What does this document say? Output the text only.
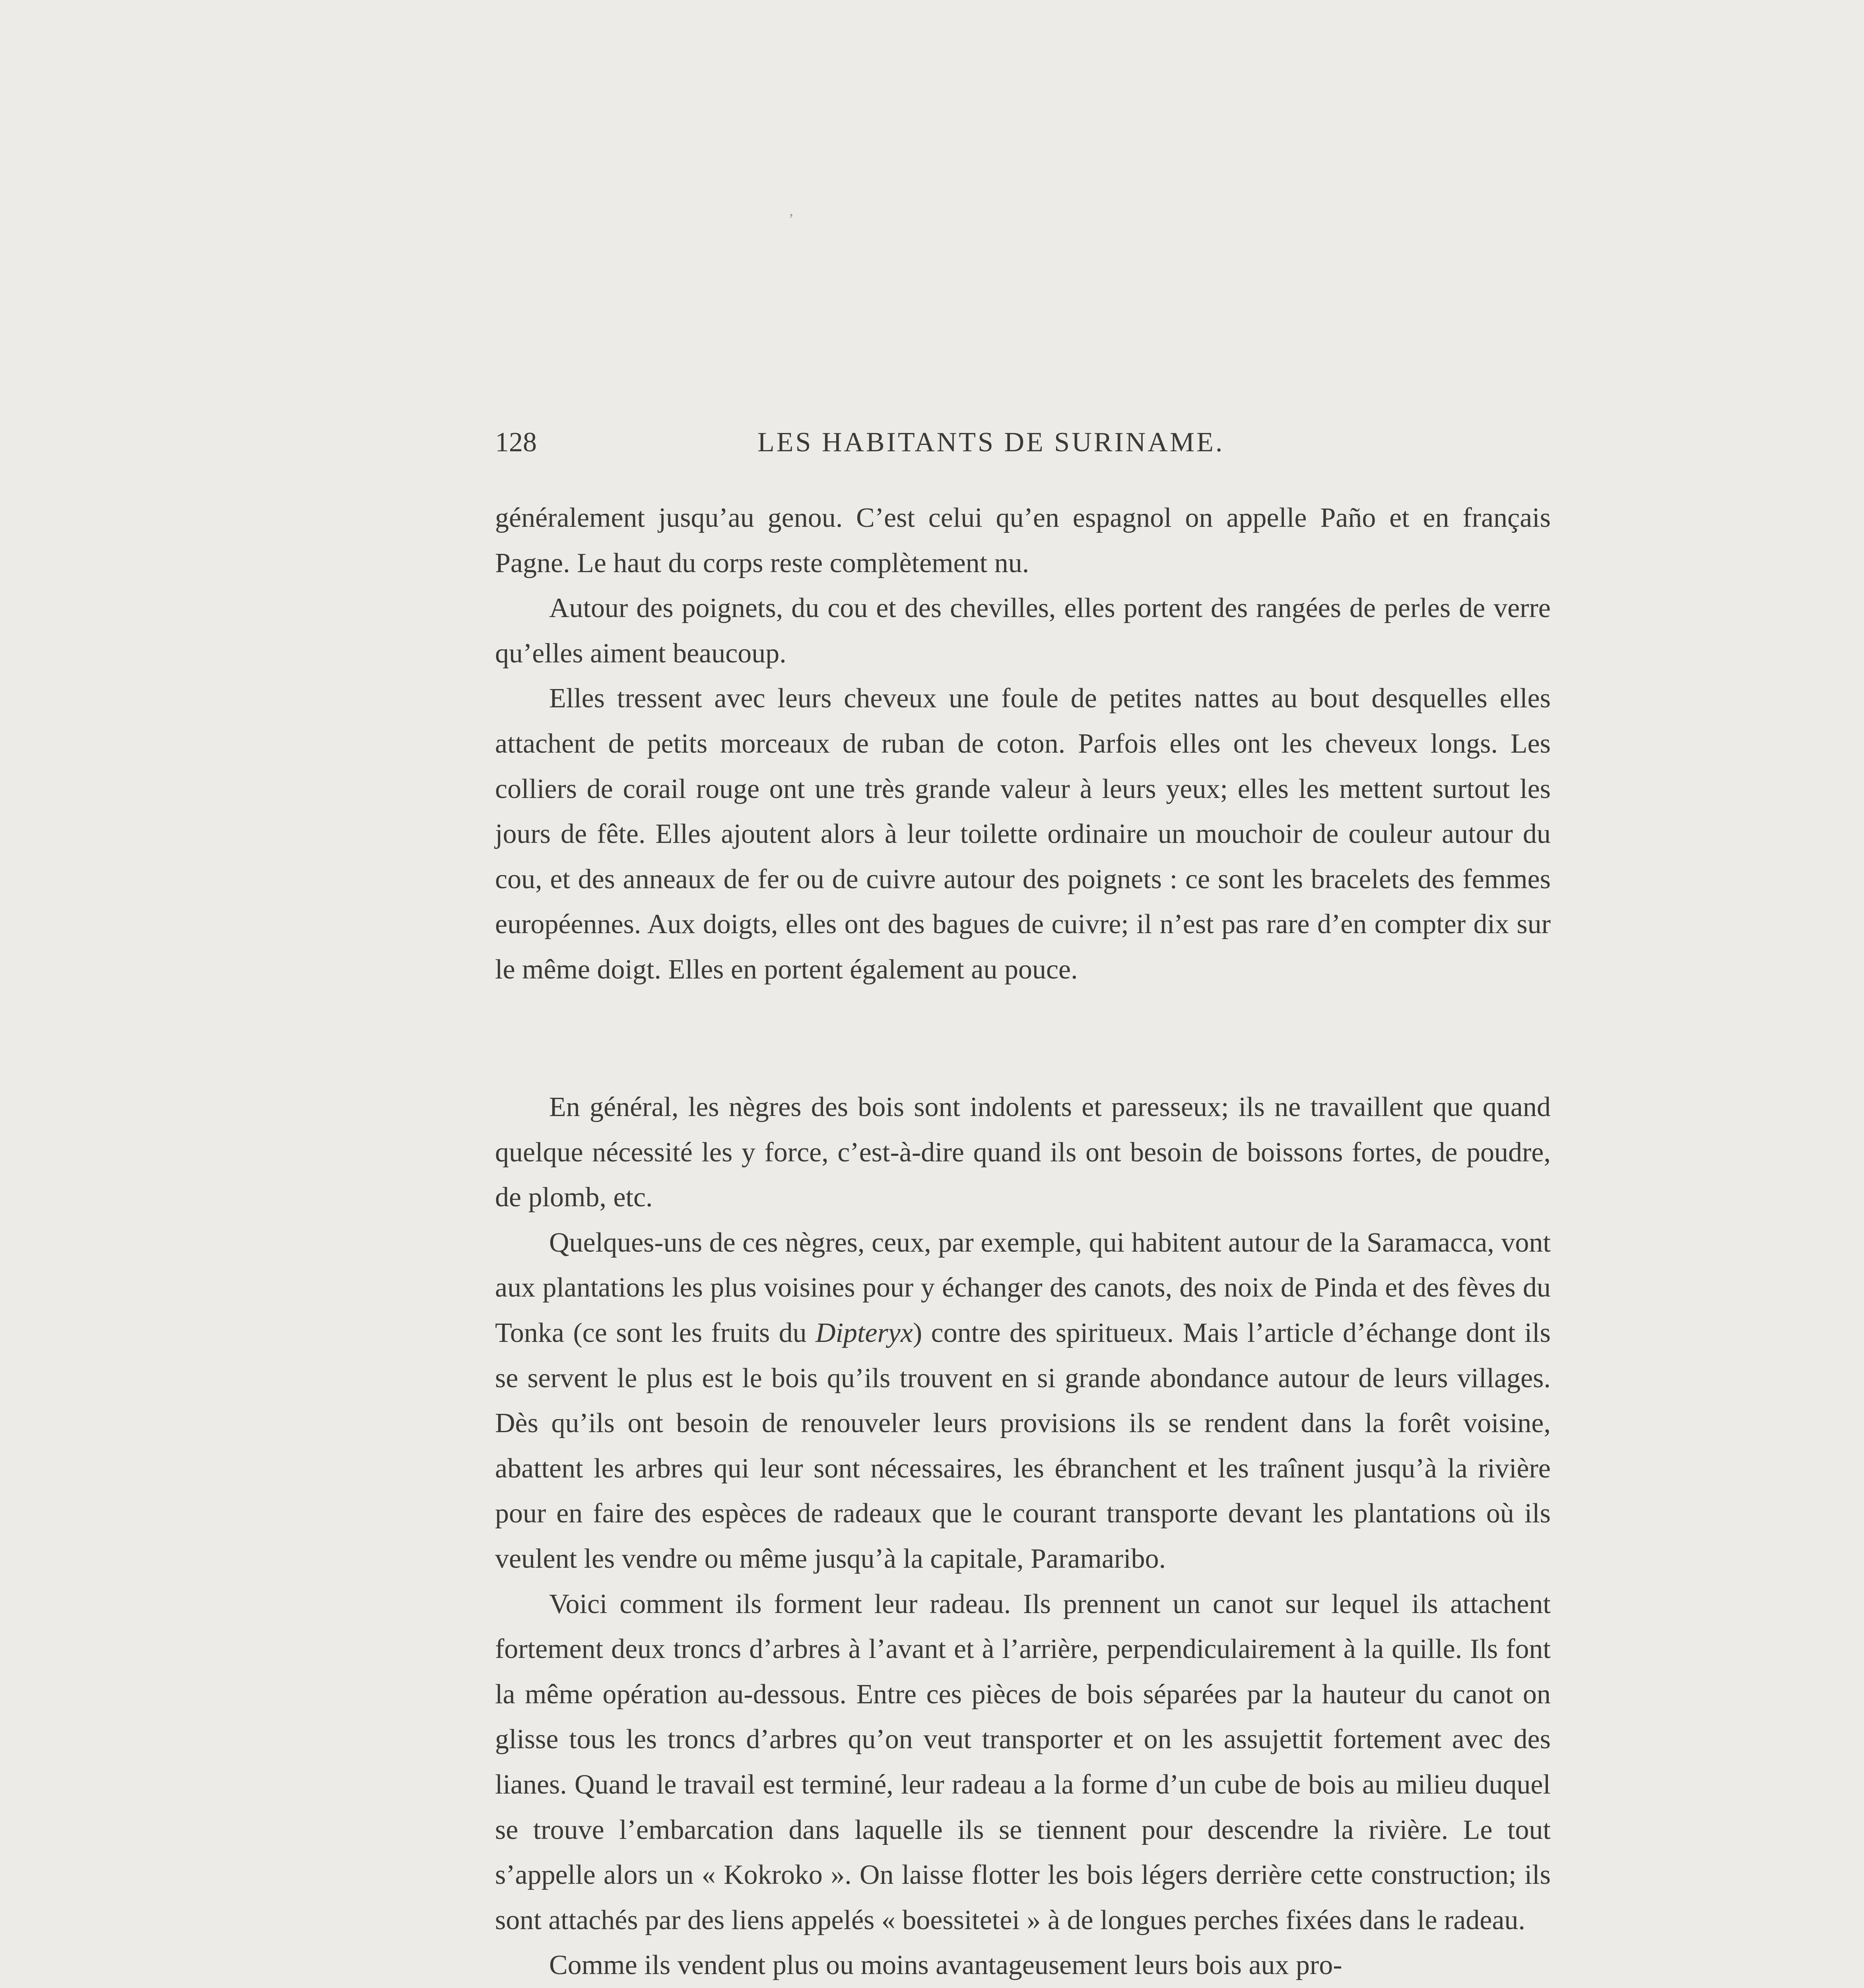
ʼ
128	LES HABITANTS DE SURINAME.

généralement jusqu’au genou. C’est celui qu’en espagnol on appelle Paño et en français Pagne. Le haut du corps reste complètement nu.

Autour des poignets, du cou et des chevilles, elles portent des rangées de perles de verre qu’elles aiment beaucoup.

Elles tressent avec leurs cheveux une foule de petites nattes au bout desquelles elles attachent de petits morceaux de ruban de coton. Parfois elles ont les cheveux longs. Les colliers de corail rouge ont une très grande valeur à leurs yeux; elles les mettent surtout les jours de fête. Elles ajoutent alors à leur toilette ordinaire un mouchoir de couleur autour du cou, et des anneaux de fer ou de cuivre autour des poignets : ce sont les bracelets des femmes européennes. Aux doigts, elles ont des bagues de cuivre; il n’est pas rare d’en compter dix sur le même doigt. Elles en portent également au pouce.

En général, les nègres des bois sont indolents et paresseux; ils ne travaillent que quand quelque nécessité les y force, c’est-à-dire quand ils ont besoin de boissons fortes, de poudre, de plomb, etc.

Quelques-uns de ces nègres, ceux, par exemple, qui habitent autour de la Saramacca, vont aux plantations les plus voisines pour y échanger des canots, des noix de Pinda et des fèves du Tonka (ce sont les fruits du Dipteryx) contre des spiritueux. Mais l’article d’échange dont ils se servent le plus est le bois qu’ils trouvent en si grande abondance autour de leurs villages. Dès qu’ils ont besoin de renouveler leurs provisions ils se rendent dans la forêt voisine, abattent les arbres qui leur sont nécessaires, les ébranchent et les traînent jusqu’à la rivière pour en faire des espèces de radeaux que le courant transporte devant les plantations où ils veulent les vendre ou même jusqu’à la capitale, Paramaribo.

Voici comment ils forment leur radeau. Ils prennent un canot sur lequel ils attachent fortement deux troncs d’arbres à l’avant et à l’arrière, perpendiculairement à la quille. Ils font la même opération au-dessous. Entre ces pièces de bois séparées par la hauteur du canot on glisse tous les troncs d’arbres qu’on veut transporter et on les assujettit fortement avec des lianes. Quand le travail est terminé, leur radeau a la forme d’un cube de bois au milieu duquel se trouve l’embarcation dans laquelle ils se tiennent pour descendre la rivière. Le tout s’appelle alors un « Kokroko ». On laisse flotter les bois légers derrière cette construction; ils sont attachés par des liens appelés « boessitetei » à de longues perches fixées dans le radeau.

Comme ils vendent plus ou moins avantageusement leurs bois aux pro-
